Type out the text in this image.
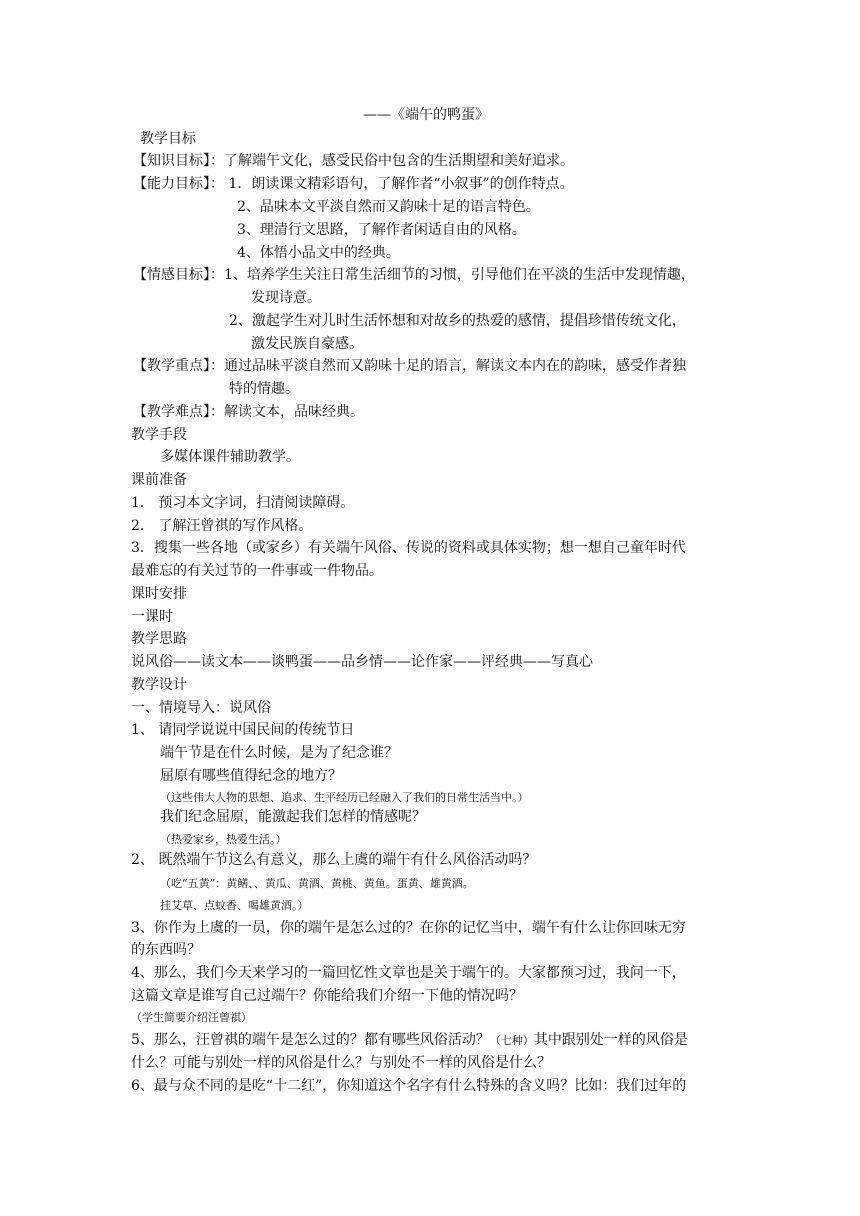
——《端午的鸭蛋》
教学目标
【知识目标】：了解端午文化，感受民俗中包含的生活期望和美好追求。
【能力目标】： 1．朗读课文精彩语句，了解作者“小叙事”的创作特点。
2、品味本文平淡自然而又韵味十足的语言特色。
3、理清行文思路，了解作者闲适自由的风格。
4、体悟小品文中的经典。
【情感目标】：1、培养学生关注日常生活细节的习惯，引导他们在平淡的生活中发现情趣，
发现诗意。
2、激起学生对儿时生活怀想和对故乡的热爱的感情，提倡珍惜传统文化，
激发民族自豪感。
【教学重点】：通过品味平淡自然而又韵味十足的语言，解读文本内在的韵味，感受作者独
特的情趣。
【教学难点】：解读文本，品味经典。
教学手段
多媒体课件辅助教学。
课前准备
1． 预习本文字词，扫清阅读障碍。
2． 了解汪曾祺的写作风格。
3．搜集一些各地（或家乡）有关端午风俗、传说的资料或具体实物；想一想自己童年时代
最难忘的有关过节的一件事或一件物品。
课时安排
一课时
教学思路
说风俗——读文本——谈鸭蛋——品乡情——论作家——评经典——写真心
教学设计
一、情境导入：说风俗
1、 请同学说说中国民间的传统节日
端午节是在什么时候，是为了纪念谁？
屈原有哪些值得纪念的地方？
（这些伟大人物的思想、追求、生平经历已经融入了我们的日常生活当中。）
我们纪念屈原，能激起我们怎样的情感呢？
（热爱家乡，热爱生活。）
2、 既然端午节这么有意义，那么上虞的端午有什么风俗活动吗？
（吃“五黄”：黄鳝、、黄瓜、黄酒、黄桃、黄鱼。蛋黄、雄黄酒。
挂艾草、点蚊香、喝雄黄酒。）
3、你作为上虞的一员，你的端午是怎么过的？在你的记忆当中，端午有什么让你回味无穷
的东西吗？
4、那么，我们今天来学习的一篇回忆性文章也是关于端午的。大家都预习过，我问一下，
这篇文章是谁写自己过端午？你能给我们介绍一下他的情况吗？
（学生简要介绍汪曾祺）
5、那么，汪曾祺的端午是怎么过的？都有哪些风俗活动？（七种）其中跟别处一样的风俗是
什么？可能与别处一样的风俗是什么？与别处不一样的风俗是什么？
6、最与众不同的是吃“十二红”，你知道这个名字有什么特殊的含义吗？比如：我们过年的
